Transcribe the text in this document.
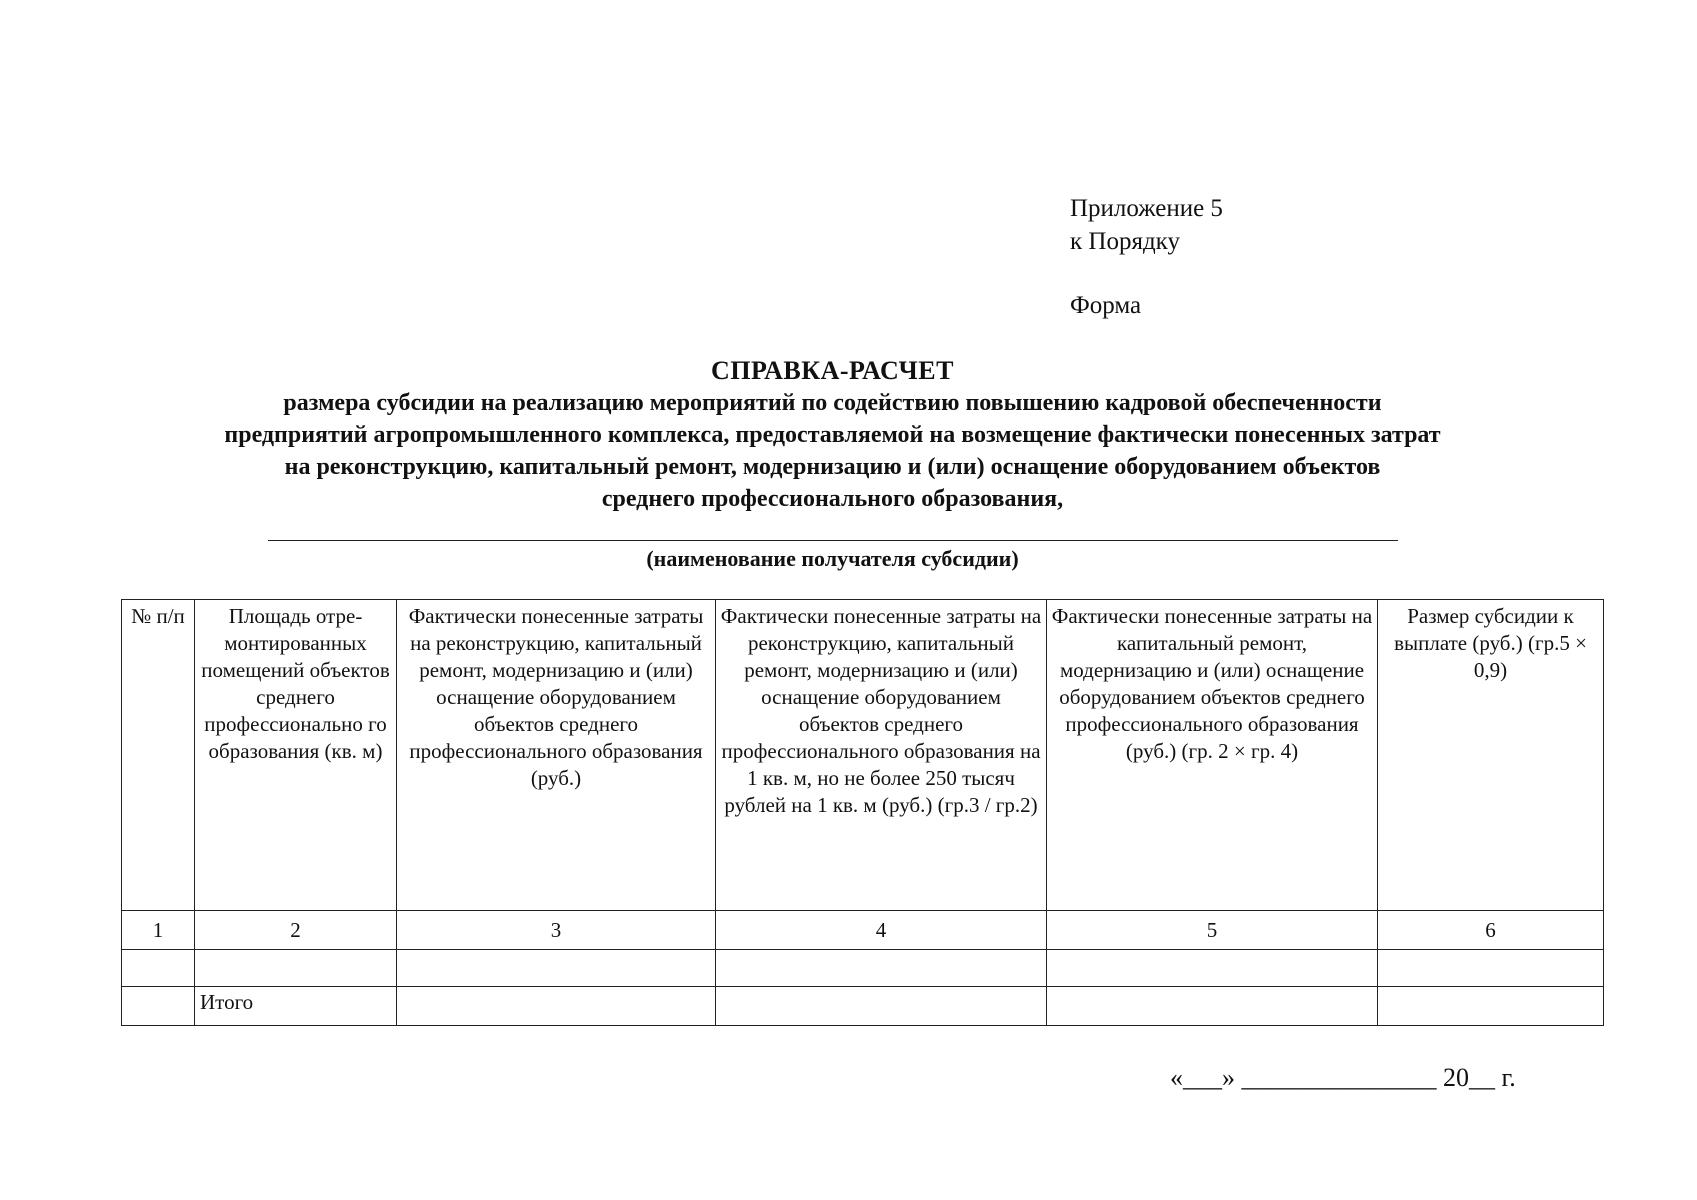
Приложение 5
к Порядку
Форма
СПРАВКА-РАСЧЕТ
размера субсидии на реализацию мероприятий по содействию повышению кадровой обеспеченности
предприятий агропромышленного комплекса, предоставляемой на возмещение фактически понесенных затрат
на реконструкцию, капитальный ремонт, модернизацию и (или) оснащение оборудованием объектов
среднего профессионального образования,
(наименование получателя субсидии)
№ п/п	Площадь отре-монтированных помещений объектов среднего профессионально го образования (кв. м)	Фактически понесенные затраты на реконструкцию, капитальный ремонт, модернизацию и (или) оснащение оборудованием объектов среднего профессионального образования (руб.)	Фактически понесенные затраты на реконструкцию, капитальный ремонт, модернизацию и (или) оснащение оборудованием объектов среднего профессионального образования на 1 кв. м, но не более 250 тысяч рублей на 1 кв. м (руб.) (гр.3 / гр.2)	Фактически понесенные затраты на капитальный ремонт, модернизацию и (или) оснащение оборудованием объектов среднего профессионального образования (руб.) (гр. 2 × гр. 4)	Размер субсидии к выплате (руб.) (гр.5 × 0,9)
1	2	3	4	5	6

	Итого				
«___» _______________ 20__ г.
